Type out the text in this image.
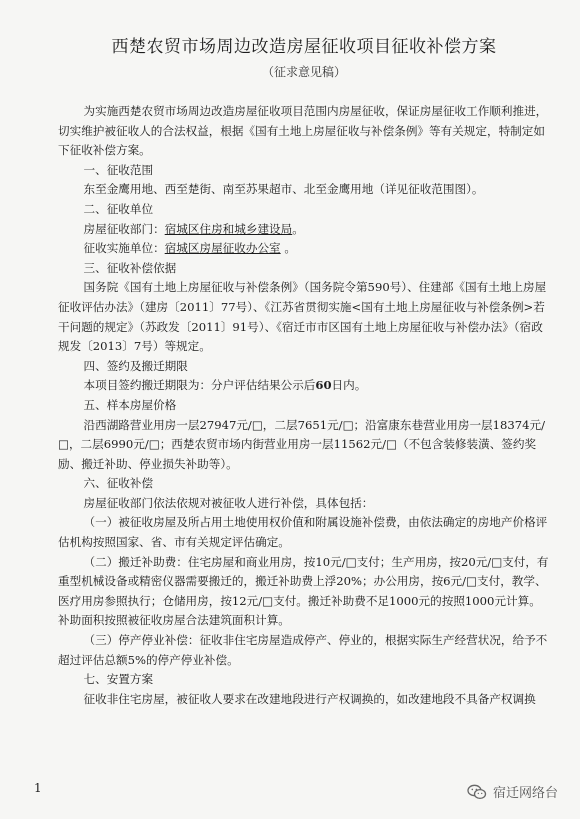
西楚农贸市场周边改造房屋征收项目征收补偿方案
（征求意见稿）

为实施西楚农贸市场周边改造房屋征收项目范围内房屋征收，保证房屋征收工作顺利推进，切实维护被征收人的合法权益，根据《国有土地上房屋征收与补偿条例》等有关规定，特制定如下征收补偿方案。

一、征收范围

东至金鹰用地、西至楚街、南至苏果超市、北至金鹰用地（详见征收范围图）。

二、征收单位

房屋征收部门：宿城区住房和城乡建设局。

征收实施单位：宿城区房屋征收办公室 。

三、征收补偿依据

国务院《国有土地上房屋征收与补偿条例》（国务院令第590号）、住建部《国有土地上房屋征收评估办法》（建房〔2011〕77号）、《江苏省贯彻实施<国有土地上房屋征收与补偿条例>若干问题的规定》（苏政发〔2011〕91号）、《宿迁市市区国有土地上房屋征收与补偿办法》（宿政规发〔2013〕7号）等规定。

四、签约及搬迁期限

本项目签约搬迁期限为：分户评估结果公示后60日内。

五、样本房屋价格

沿西湖路营业用房一层27947元/□，二层7651元/□；沿富康东巷营业用房一层18374元/□，二层6990元/□；西楚农贸市场内街营业用房一层11562元/□（不包含装修装潢、签约奖励、搬迁补助、停业损失补助等）。

六、征收补偿

房屋征收部门依法依规对被征收人进行补偿，具体包括：

（一）被征收房屋及所占用土地使用权价值和附属设施补偿费，由依法确定的房地产价格评估机构按照国家、省、市有关规定评估确定。

（二）搬迁补助费：住宅房屋和商业用房，按10元/□支付；生产用房，按20元/□支付，有重型机械设备或精密仪器需要搬迁的，搬迁补助费上浮20%；办公用房，按6元/□支付，教学、医疗用房参照执行；仓储用房，按12元/□支付。搬迁补助费不足1000元的按照1000元计算。补助面积按照被征收房屋合法建筑面积计算。

（三）停产停业补偿：征收非住宅房屋造成停产、停业的，根据实际生产经营状况，给予不超过评估总额5%的停产停业补偿。

七、安置方案

征收非住宅房屋，被征收人要求在改建地段进行产权调换的，如改建地段不具备产权调换

1	宿迁网络台
